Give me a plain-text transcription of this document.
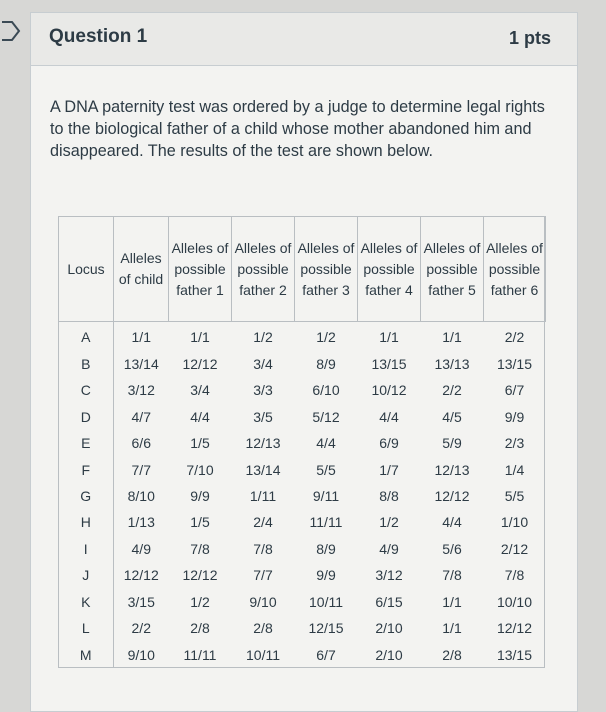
Question 1	1 pts
A DNA paternity test was ordered by a judge to determine legal rights to the biological father of a child whose mother abandoned him and disappeared. The results of the test are shown below.
Locus	Alleles of child	Alleles of possible father 1	Alleles of possible father 2	Alleles of possible father 3	Alleles of possible father 4	Alleles of possible father 5	Alleles of possible father 6
A	1/1	1/1	1/2	1/2	1/1	1/1	2/2
B	13/14	12/12	3/4	8/9	13/15	13/13	13/15
C	3/12	3/4	3/3	6/10	10/12	2/2	6/7
D	4/7	4/4	3/5	5/12	4/4	4/5	9/9
E	6/6	1/5	12/13	4/4	6/9	5/9	2/3
F	7/7	7/10	13/14	5/5	1/7	12/13	1/4
G	8/10	9/9	1/11	9/11	8/8	12/12	5/5
H	1/13	1/5	2/4	11/11	1/2	4/4	1/10
I	4/9	7/8	7/8	8/9	4/9	5/6	2/12
J	12/12	12/12	7/7	9/9	3/12	7/8	7/8
K	3/15	1/2	9/10	10/11	6/15	1/1	10/10
L	2/2	2/8	2/8	12/15	2/10	1/1	12/12
M	9/10	11/11	10/11	6/7	2/10	2/8	13/15
